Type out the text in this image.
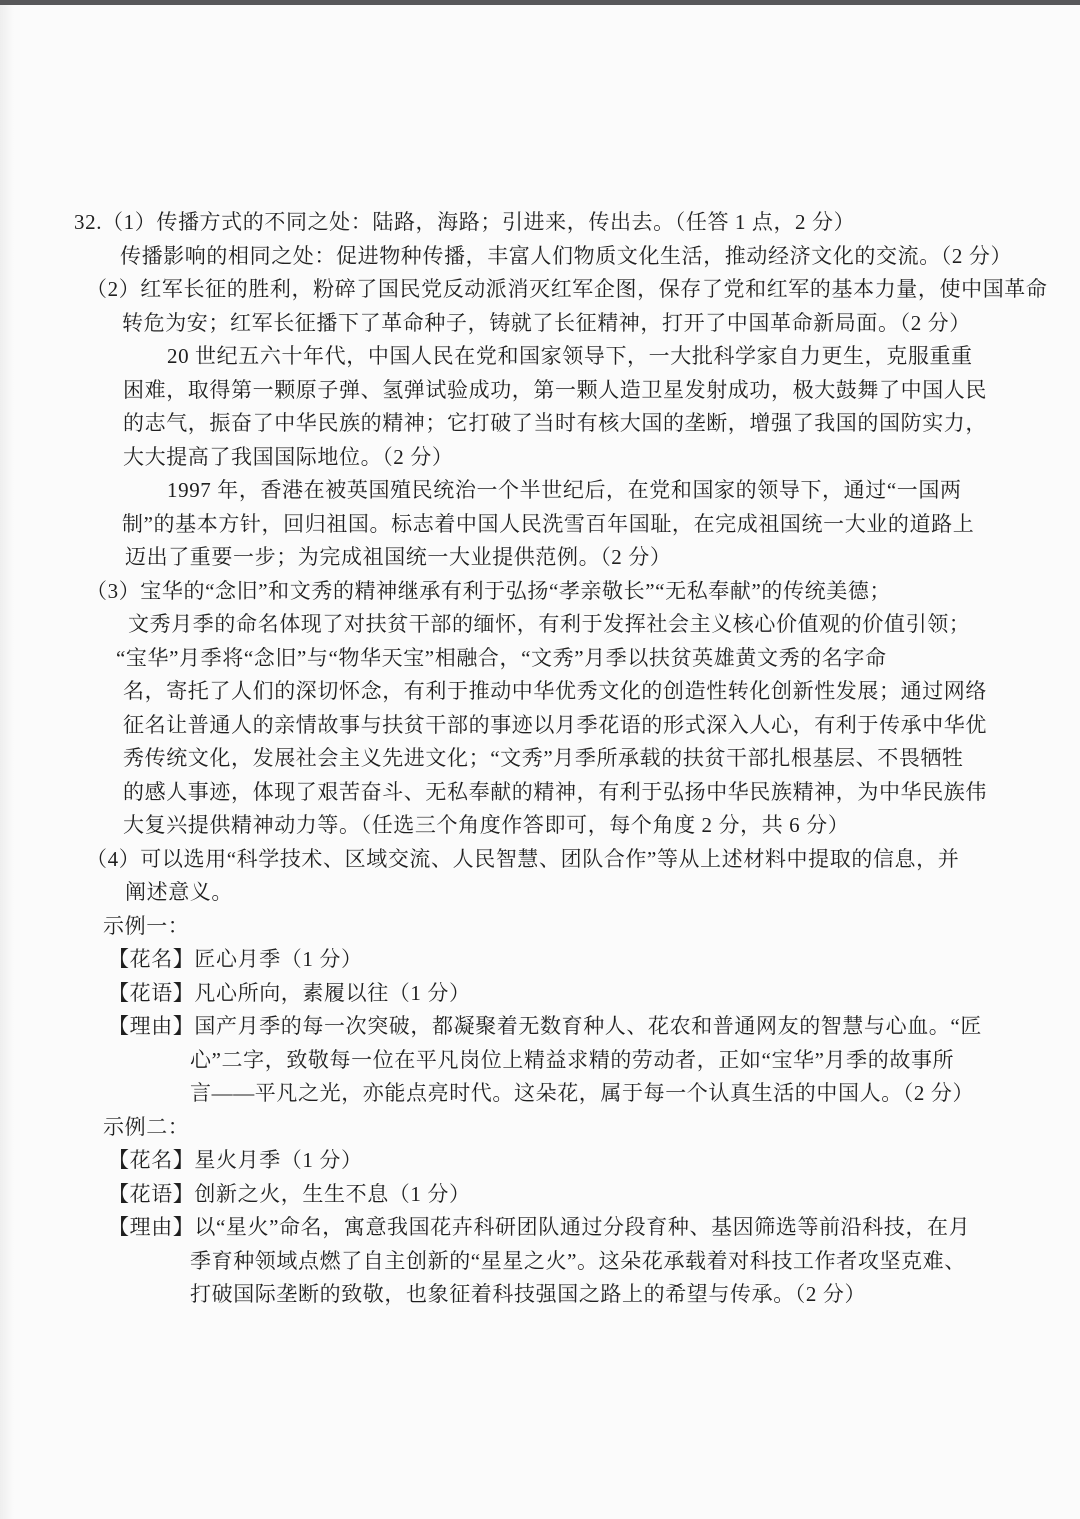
32.（1）传播方式的不同之处：陆路，海路；引进来，传出去。（任答 1 点，2 分）
传播影响的相同之处：促进物种传播，丰富人们物质文化生活，推动经济文化的交流。（2 分）
（2）红军长征的胜利，粉碎了国民党反动派消灭红军企图，保存了党和红军的基本力量，使中国革命
转危为安；红军长征播下了革命种子，铸就了长征精神，打开了中国革命新局面。（2 分）
20 世纪五六十年代，中国人民在党和国家领导下，一大批科学家自力更生，克服重重
困难，取得第一颗原子弹、氢弹试验成功，第一颗人造卫星发射成功，极大鼓舞了中国人民
的志气，振奋了中华民族的精神；它打破了当时有核大国的垄断，增强了我国的国防实力，
大大提高了我国国际地位。（2 分）
1997 年，香港在被英国殖民统治一个半世纪后，在党和国家的领导下，通过“一国两
制”的基本方针，回归祖国。标志着中国人民洗雪百年国耻，在完成祖国统一大业的道路上
迈出了重要一步；为完成祖国统一大业提供范例。（2 分）
（3）宝华的“念旧”和文秀的精神继承有利于弘扬“孝亲敬长”“无私奉献”的传统美德；
文秀月季的命名体现了对扶贫干部的缅怀，有利于发挥社会主义核心价值观的价值引领；
“宝华”月季将“念旧”与“物华天宝”相融合，“文秀”月季以扶贫英雄黄文秀的名字命
名，寄托了人们的深切怀念，有利于推动中华优秀文化的创造性转化创新性发展；通过网络
征名让普通人的亲情故事与扶贫干部的事迹以月季花语的形式深入人心，有利于传承中华优
秀传统文化，发展社会主义先进文化；“文秀”月季所承载的扶贫干部扎根基层、不畏牺牲
的感人事迹，体现了艰苦奋斗、无私奉献的精神，有利于弘扬中华民族精神，为中华民族伟
大复兴提供精神动力等。（任选三个角度作答即可，每个角度 2 分，共 6 分）
（4）可以选用“科学技术、区域交流、人民智慧、团队合作”等从上述材料中提取的信息，并
阐述意义。
示例一：
【花名】匠心月季（1 分）
【花语】凡心所向，素履以往（1 分）
【理由】国产月季的每一次突破，都凝聚着无数育种人、花农和普通网友的智慧与心血。“匠
心”二字，致敬每一位在平凡岗位上精益求精的劳动者，正如“宝华”月季的故事所
言——平凡之光，亦能点亮时代。这朵花，属于每一个认真生活的中国人。（2 分）
示例二：
【花名】星火月季（1 分）
【花语】创新之火，生生不息（1 分）
【理由】以“星火”命名，寓意我国花卉科研团队通过分段育种、基因筛选等前沿科技，在月
季育种领域点燃了自主创新的“星星之火”。这朵花承载着对科技工作者攻坚克难、
打破国际垄断的致敬，也象征着科技强国之路上的希望与传承。（2 分）
